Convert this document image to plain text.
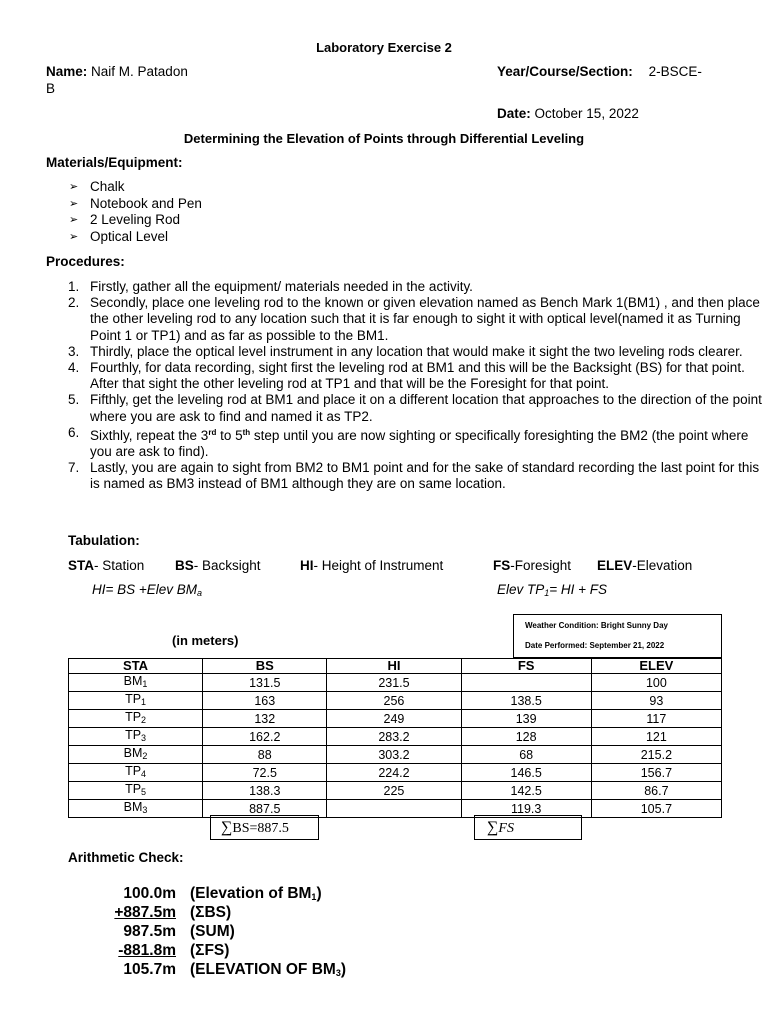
Laboratory Exercise 2
Name: Naif M. Patadon	Year/Course/Section: 2-BSCE-
B
Date: October 15, 2022
Determining the Elevation of Points through Differential Leveling
Materials/Equipment:
➢ Chalk
➢ Notebook and Pen
➢ 2 Leveling Rod
➢ Optical Level
Procedures:
1. Firstly, gather all the equipment/ materials needed in the activity.
2. Secondly, place one leveling rod to the known or given elevation named as Bench Mark 1(BM1) , and then place the other leveling rod to any location such that it is far enough to sight it with optical level(named it as Turning Point 1 or TP1) and as far as possible to the BM1.
3. Thirdly, place the optical level instrument in any location that would make it sight the two leveling rods clearer.
4. Fourthly, for data recording, sight first the leveling rod at BM1 and this will be the Backsight (BS) for that point. After that sight the other leveling rod at TP1 and that will be the Foresight for that point.
5. Fifthly, get the leveling rod at BM1 and place it on a different location that approaches to the direction of the point where you are ask to find and named it as TP2.
6. Sixthly, repeat the 3rd to 5th step until you are now sighting or specifically foresighting the BM2 (the point where you are ask to find).
7. Lastly, you are again to sight from BM2 to BM1 point and for the sake of standard recording the last point for this is named as BM3 instead of BM1 although they are on same location.
Tabulation:
STA- Station BS- Backsight	HI- Height of Instrument	FS-Foresight ELEV-Elevation
HI= BS +Elev $BM_a$	Elev $TP_1=$ HI + FS
Weather Condition: Bright Sunny Day
Date Performed: September 21, 2022
(in meters)
STA	BS	HI	FS	ELEV
$BM_1$	131.5	231.5		100
$TP_1$	163	256	138.5	93
$TP_2$	132	249	139	117
$TP_3$	162.2	283.2	128	121
$BM_2$	88	303.2	68	215.2
$TP_4$	72.5	224.2	146.5	156.7
$TP_5$	138.3	225	142.5	86.7
$BM_3$	887.5		119.3	105.7
∑BS=887.5	∑FS
Arithmetic Check:
100.0m (Elevation of $BM_1$)
+887.5m (ΣBS)
987.5m (SUM)
-881.8m (ΣFS)
105.7m (ELEVATION OF $BM_3$)
